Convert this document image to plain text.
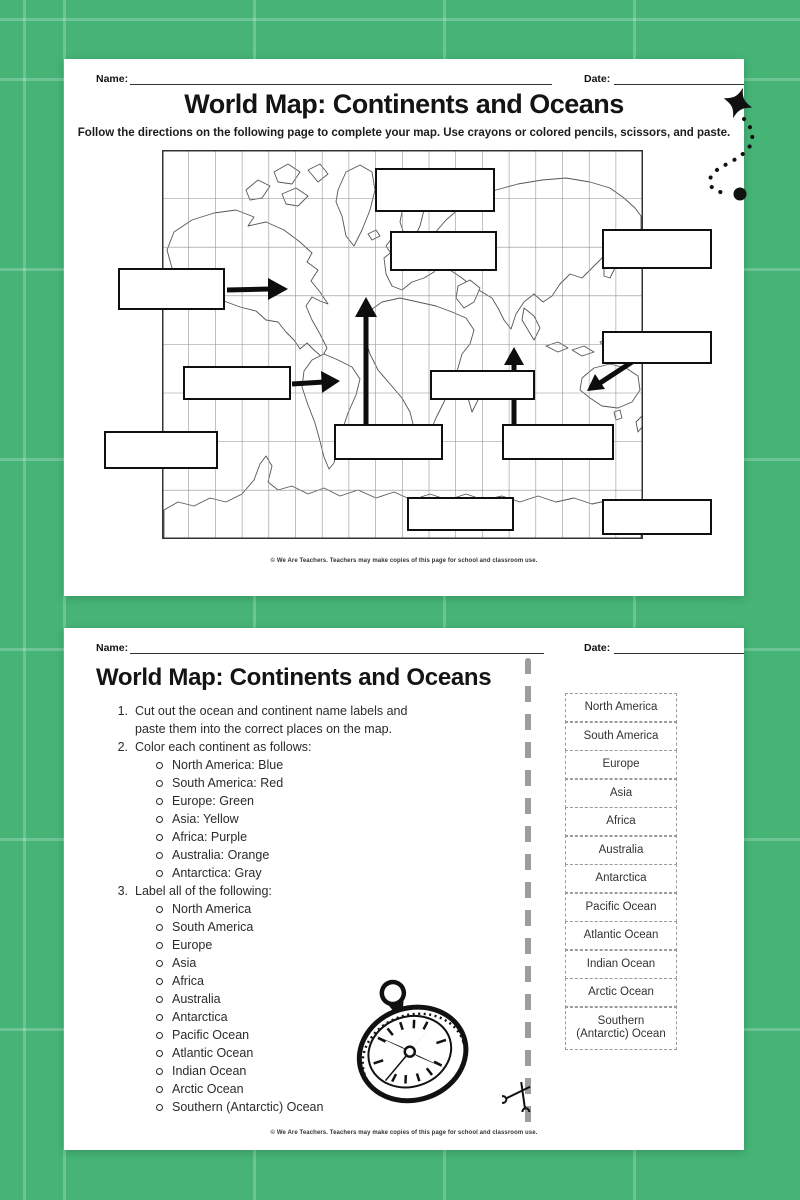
Name:	Date:
World Map: Continents and Oceans
Follow the directions on the following page to complete your map. Use crayons or colored pencils, scissors, and paste.
© We Are Teachers. Teachers may make copies of this page for school and classroom use.
Name:	Date:
World Map: Continents and Oceans
1. Cut out the ocean and continent name labels and
paste them into the correct places on the map.
2. Color each continent as follows:
North America: Blue
South America: Red
Europe: Green
Asia: Yellow
Africa: Purple
Australia: Orange
Antarctica: Gray
3. Label all of the following:
North America
South America
Europe
Asia
Africa
Australia
Antarctica
Pacific Ocean
Atlantic Ocean
Indian Ocean
Arctic Ocean
Southern (Antarctic) Ocean
North America
South America
Europe
Asia
Africa
Australia
Antarctica
Pacific Ocean
Atlantic Ocean
Indian Ocean
Arctic Ocean
Southern (Antarctic) Ocean
© We Are Teachers. Teachers may make copies of this page for school and classroom use.
